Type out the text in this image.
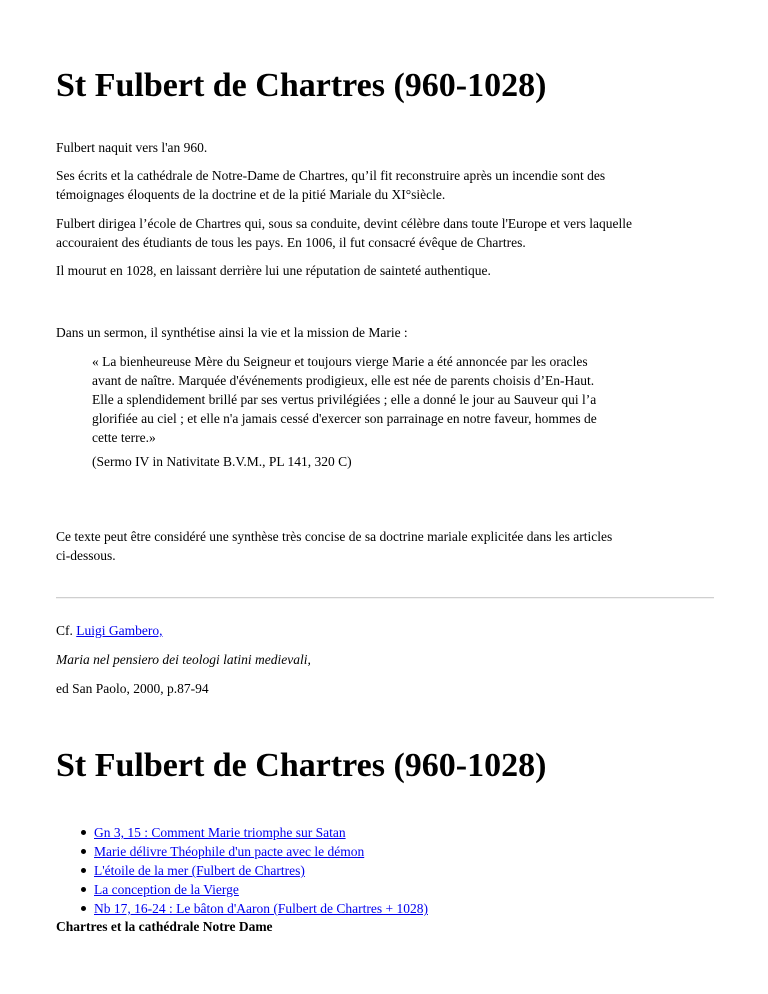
St Fulbert de Chartres (960-1028)

Fulbert naquit vers l'an 960.

Ses écrits et la cathédrale de Notre-Dame de Chartres, qu’il fit reconstruire après un incendie sont des
témoignages éloquents de la doctrine et de la pitié Mariale du XI°siècle.

Fulbert dirigea l’école de Chartres qui, sous sa conduite, devint célèbre dans toute l'Europe et vers laquelle
accouraient des étudiants de tous les pays. En 1006, il fut consacré évêque de Chartres.

Il mourut en 1028, en laissant derrière lui une réputation de sainteté authentique.

Dans un sermon, il synthétise ainsi la vie et la mission de Marie :

« La bienheureuse Mère du Seigneur et toujours vierge Marie a été annoncée par les oracles
avant de naître. Marquée d'événements prodigieux, elle est née de parents choisis d’En-Haut.
Elle a splendidement brillé par ses vertus privilégiées ; elle a donné le jour au Sauveur qui l’a
glorifiée au ciel ; et elle n'a jamais cessé d'exercer son parrainage en notre faveur, hommes de
cette terre.»

(Sermo IV in Nativitate B.V.M., PL 141, 320 C)

Ce texte peut être considéré une synthèse très concise de sa doctrine mariale explicitée dans les articles
ci-dessous.

Cf. Luigi Gambero,

Maria nel pensiero dei teologi latini medievali,

ed San Paolo, 2000, p.87-94

St Fulbert de Chartres (960-1028)
Gn 3, 15 : Comment Marie triomphe sur Satan
Marie délivre Théophile d'un pacte avec le démon
L'étoile de la mer (Fulbert de Chartres)
La conception de la Vierge
Nb 17, 16-24 : Le bâton d'Aaron (Fulbert de Chartres + 1028)

Chartres et la cathédrale Notre Dame
